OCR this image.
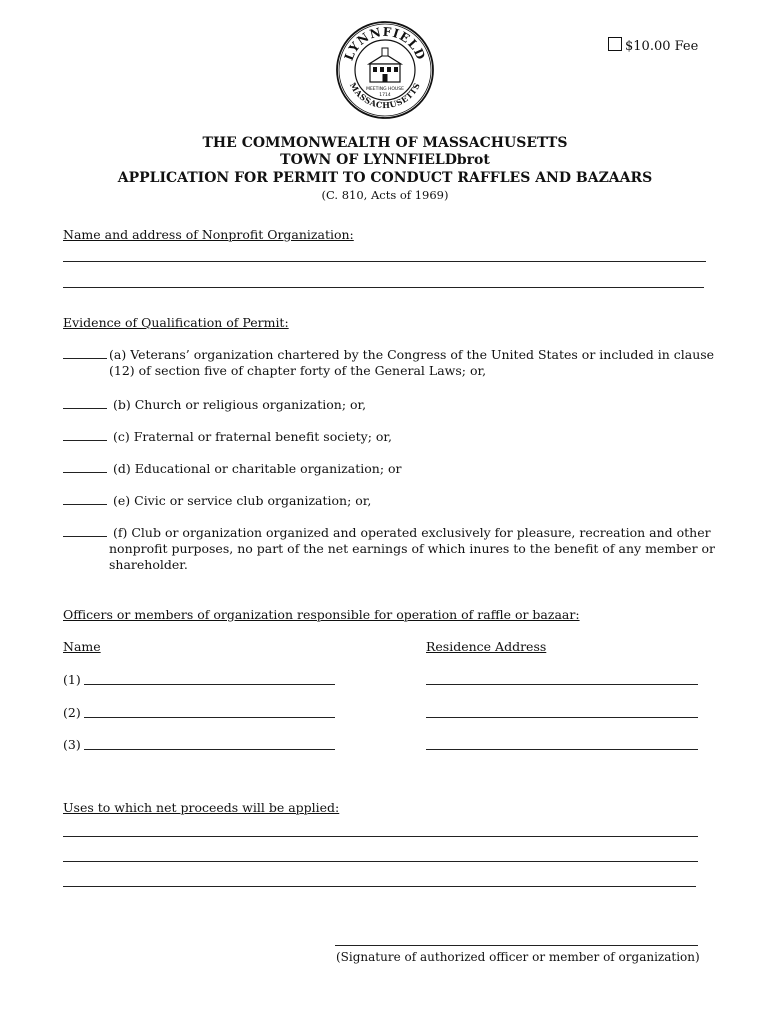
LYNNFIELD
MASSACHUSETTS
MEETING HOUSE
1714
$10.00 Fee
THE COMMONWEALTH OF MASSACHUSETTS
TOWN OF LYNNFIELDbrot
APPLICATION FOR PERMIT TO CONDUCT RAFFLES AND BAZAARS
(C. 810, Acts of 1969)
Name and address of Nonprofit Organization:
Evidence of Qualification of Permit:
(a) Veterans’ organization chartered by the Congress of the United States or included in clause
(12) of section five of chapter forty of the General Laws; or,
(b) Church or religious organization; or,
(c) Fraternal or fraternal benefit society; or,
(d) Educational or charitable organization; or
(e) Civic or service club organization; or,
(f) Club or organization organized and operated exclusively for pleasure, recreation and other
nonprofit purposes, no part of the net earnings of which inures to the benefit of any member or
shareholder.
Officers or members of organization responsible for operation of raffle or bazaar:
Name	Residence Address
(1)
(2)
(3)
Uses to which net proceeds will be applied:
(Signature of authorized officer or member of organization)
